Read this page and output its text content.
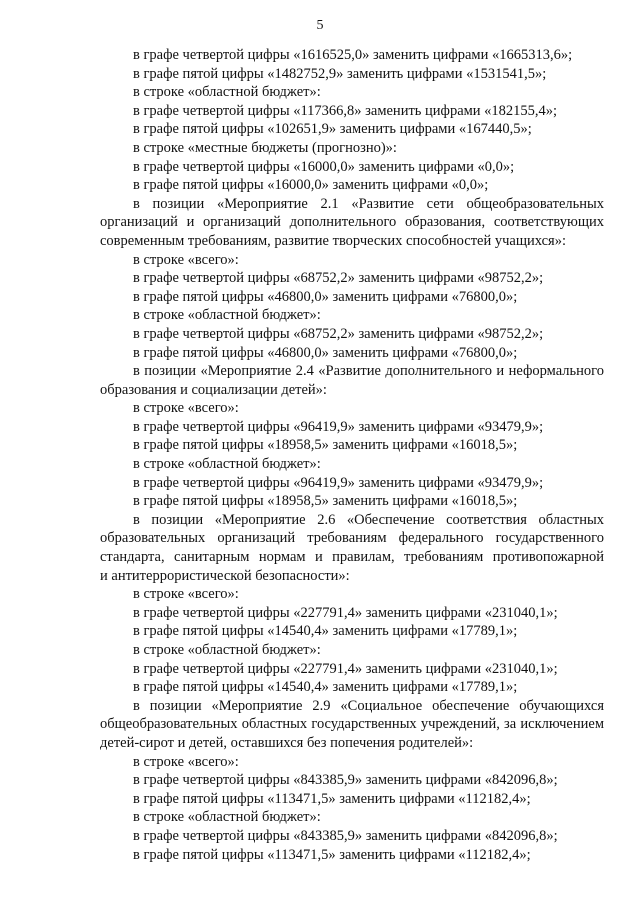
5
в графе четвертой цифры «1616525,0» заменить цифрами «1665313,6»;
в графе пятой цифры «1482752,9» заменить цифрами «1531541,5»;
в строке «областной бюджет»:
в графе четвертой цифры «117366,8» заменить цифрами «182155,4»;
в графе пятой цифры «102651,9» заменить цифрами «167440,5»;
в строке «местные бюджеты (прогнозно)»:
в графе четвертой цифры «16000,0» заменить цифрами «0,0»;
в графе пятой цифры «16000,0» заменить цифрами «0,0»;
в позиции «Мероприятие 2.1 «Развитие сети общеобразовательных
организаций и организаций дополнительного образования, соответствующих
современным требованиям, развитие творческих способностей учащихся»:
в строке «всего»:
в графе четвертой цифры «68752,2» заменить цифрами «98752,2»;
в графе пятой цифры «46800,0» заменить цифрами «76800,0»;
в строке «областной бюджет»:
в графе четвертой цифры «68752,2» заменить цифрами «98752,2»;
в графе пятой цифры «46800,0» заменить цифрами «76800,0»;
в позиции «Мероприятие 2.4 «Развитие дополнительного и неформального
образования и социализации детей»:
в строке «всего»:
в графе четвертой цифры «96419,9» заменить цифрами «93479,9»;
в графе пятой цифры «18958,5» заменить цифрами «16018,5»;
в строке «областной бюджет»:
в графе четвертой цифры «96419,9» заменить цифрами «93479,9»;
в графе пятой цифры «18958,5» заменить цифрами «16018,5»;
в позиции «Мероприятие 2.6 «Обеспечение соответствия областных
образовательных организаций требованиям федерального государственного
стандарта, санитарным нормам и правилам, требованиям противопожарной
и антитеррористической безопасности»:
в строке «всего»:
в графе четвертой цифры «227791,4» заменить цифрами «231040,1»;
в графе пятой цифры «14540,4» заменить цифрами «17789,1»;
в строке «областной бюджет»:
в графе четвертой цифры «227791,4» заменить цифрами «231040,1»;
в графе пятой цифры «14540,4» заменить цифрами «17789,1»;
в позиции «Мероприятие 2.9 «Социальное обеспечение обучающихся
общеобразовательных областных государственных учреждений, за исключением
детей-сирот и детей, оставшихся без попечения родителей»:
в строке «всего»:
в графе четвертой цифры «843385,9» заменить цифрами «842096,8»;
в графе пятой цифры «113471,5» заменить цифрами «112182,4»;
в строке «областной бюджет»:
в графе четвертой цифры «843385,9» заменить цифрами «842096,8»;
в графе пятой цифры «113471,5» заменить цифрами «112182,4»;
